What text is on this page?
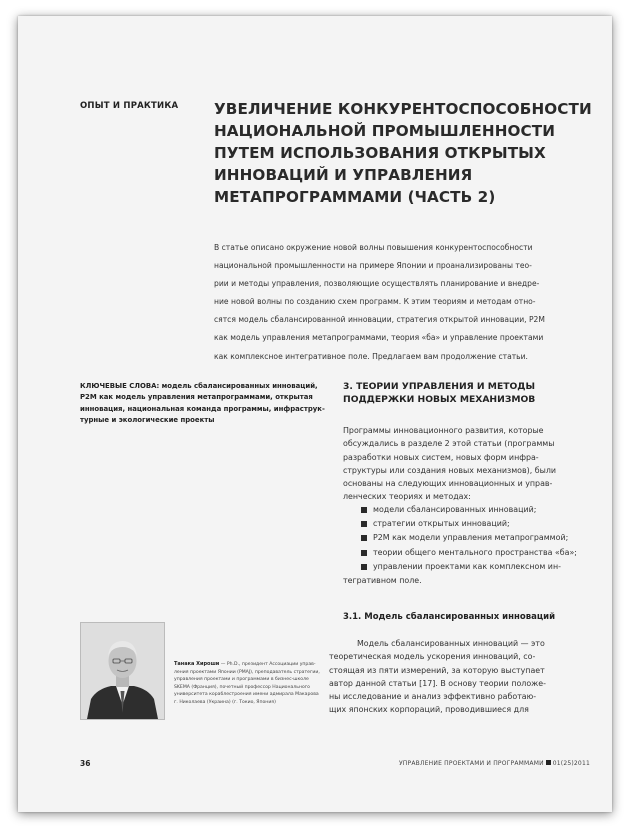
ОПЫТ И ПРАКТИКА УВЕЛИЧЕНИЕ КОНКУРЕНТОСПОСОБНОСТИ
НАЦИОНАЛЬНОЙ ПРОМЫШЛЕННОСТИ
ПУТЕМ ИСПОЛЬЗОВАНИЯ ОТКРЫТЫХ
ИННОВАЦИЙ И УПРАВЛЕНИЯ
МЕТАПРОГРАММАМИ (ЧАСТЬ 2)

В статье описано окружение новой волны повышения конкурентоспособности
национальной промышленности на примере Японии и проанализированы тео-
рии и методы управления, позволяющие осуществлять планирование и внедре-
ние новой волны по созданию схем программ. К этим теориям и методам отно-
сятся модель сбалансированной инновации, стратегия открытой инновации, P2M
как модель управления метапрограммами, теория «ба» и управление проектами
как комплексное интегративное поле. Предлагаем вам продолжение статьи.

КЛЮЧЕВЫЕ СЛОВА: модель сбалансированных инноваций,
P2M как модель управления метапрограммами, открытая
инновация, национальная команда программы, инфраструк-
турные и экологические проекты

3. ТЕОРИИ УПРАВЛЕНИЯ И МЕТОДЫ
ПОДДЕРЖКИ НОВЫХ МЕХАНИЗМОВ

Программы инновационного развития, которые
обсуждались в разделе 2 этой статьи (программы
разработки новых систем, новых форм инфра-
структуры или создания новых механизмов), были
основаны на следующих инновационных и управ-
ленческих теориях и методах:

модели сбалансированных инноваций;
стратегии открытых инноваций;
P2M как модели управления метапрограммой;
теории общего ментального пространства «ба»;
управлении проектами как комплексном ин-
тегративном поле.
3.1. Модель сбалансированных инноваций

Модель сбалансированных инноваций — это
теоретическая модель ускорения инноваций, со-
стоящая из пяти измерений, за которую выступает
автор данной статьи [17]. В основу теории положе-
ны исследование и анализ эффективно работаю-
щих японских корпораций, проводившиеся для

Танака Хироши — Ph.D., президент Ассоциации управ-
ления проектами Японии (PMAJ), преподаватель стратегии,
управления проектами и программами в бизнес-школе
SKEMA (Франция), почетный профессор Национального
университета кораблестроения имени адмирала Макарова
г. Николаева (Украина) (г. Токио, Япония)

36	УПРАВЛЕНИЕ ПРОЕКТАМИ И ПРОГРАММАМИ 01(25)2011
